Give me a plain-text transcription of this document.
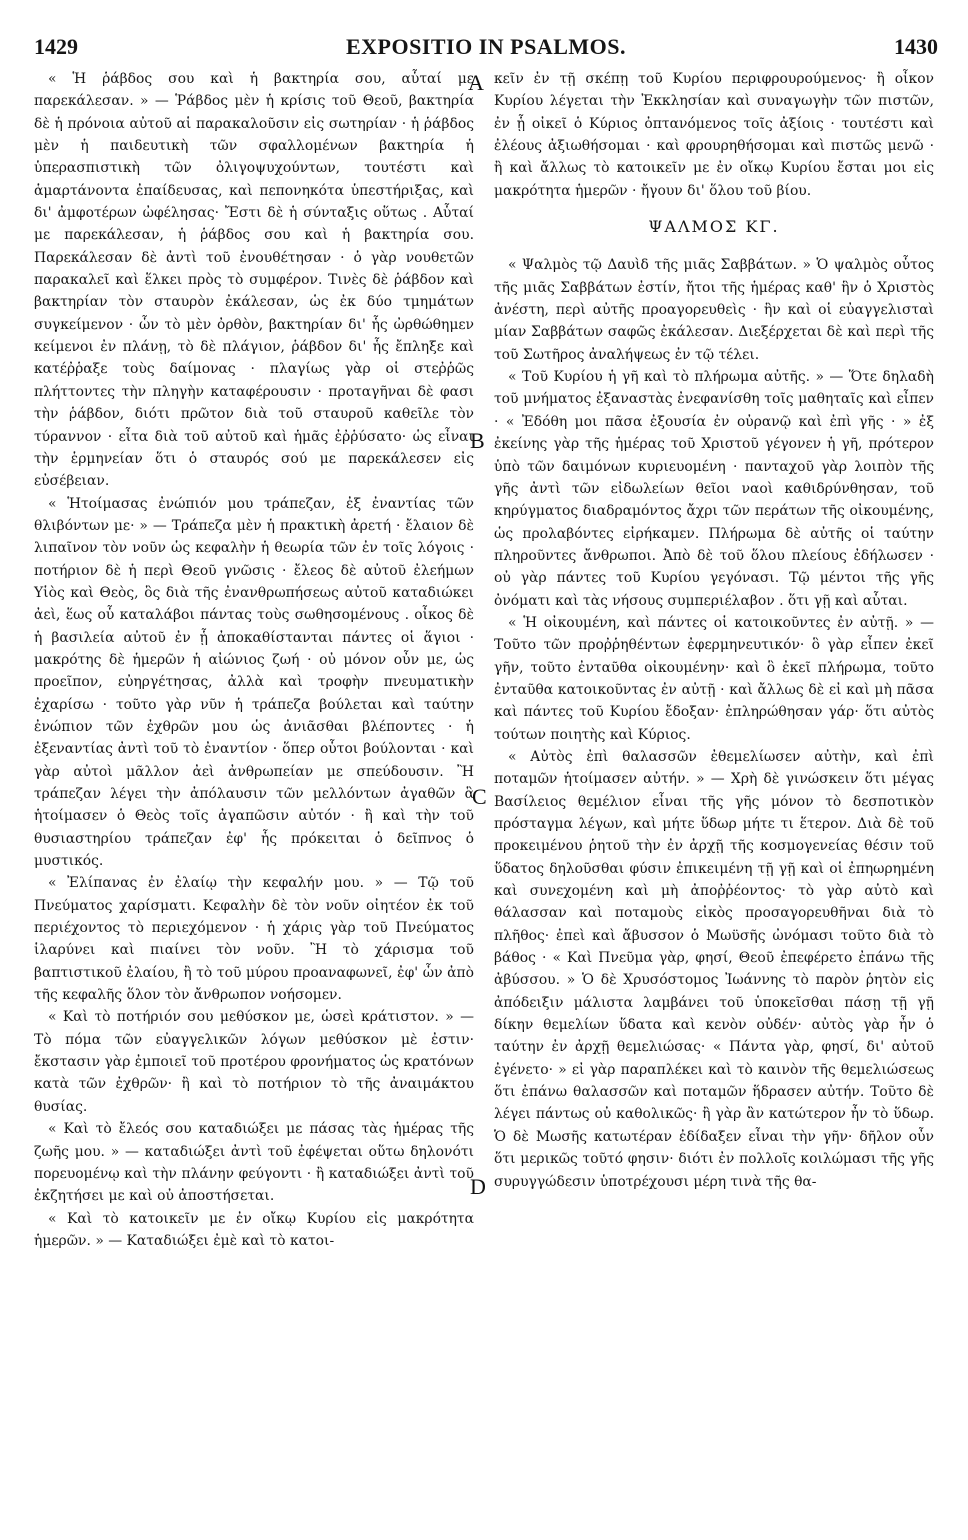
1429	EXPOSITIO IN PSALMOS.	1430

« Ἡ ῥάβδος σου καὶ ἡ βακτηρία σου, αὗταί με παρεκάλεσαν. » — Ῥάβδος μὲν ἡ κρίσις τοῦ Θεοῦ, βακτηρία δὲ ἡ πρόνοια αὐτοῦ αἱ παρακαλοῦσιν εἰς σωτηρίαν · ἡ ῥάβδος μὲν ἡ παιδευτικὴ τῶν σφαλλομένων βακτηρία ἡ ὑπερασπιστικὴ τῶν ὀλιγοψυχούντων, τουτέστι καὶ ἁμαρτάνοντα ἐπαίδευσας, καὶ πεπονηκότα ὑπεστήριξας, καὶ δι' ἀμφοτέρων ὠφέλησας· Ἔστι δὲ ἡ σύνταξις οὕτως . Αὗταί με παρεκάλεσαν, ἡ ῥάβδος σου καὶ ἡ βακτηρία σου. Παρεκάλεσαν δὲ ἀντὶ τοῦ ἐνουθέτησαν · ὁ γὰρ νουθετῶν παρακαλεῖ καὶ ἕλκει πρὸς τὸ συμφέρον. Τινὲς δὲ ῥάβδον καὶ βακτηρίαν τὸν σταυρὸν ἐκάλεσαν, ὡς ἐκ δύο τμημάτων συγκείμενον · ὧν τὸ μὲν ὀρθὸν, βακτηρίαν δι' ἧς ὠρθώθημεν κείμενοι ἐν πλάνῃ, τὸ δὲ πλάγιον, ῥάβδον δι' ἧς ἔπληξε καὶ κατέῤῥαξε τοὺς δαίμονας · πλαγίως γὰρ οἱ στεῤῥῶς πλήττοντες τὴν πληγὴν καταφέρουσιν · προταγῆναι δὲ φασι τὴν ῥάβδον, διότι πρῶτον διὰ τοῦ σταυροῦ καθεῖλε τὸν τύραννον · εἶτα διὰ τοῦ αὐτοῦ καὶ ἡμᾶς ἐῤῥύσατο· ὡς εἶναι τὴν ἑρμηνείαν ὅτι ὁ σταυρός σού με παρεκάλεσεν εἰς εὐσέβειαν.

« Ἡτοίμασας ἐνώπιόν μου τράπεζαν, ἐξ ἐναντίας τῶν θλιβόντων με· » — Τράπεζα μὲν ἡ πρακτικὴ ἀρετή · ἔλαιον δὲ λιπαῖνον τὸν νοῦν ὡς κεφαλὴν ἡ θεωρία τῶν ἐν τοῖς λόγοις · ποτήριον δὲ ἡ περὶ Θεοῦ γνῶσις · ἔλεος δὲ αὐτοῦ ἐλεήμων Υἱὸς καὶ Θεὸς, ὃς διὰ τῆς ἐνανθρωπήσεως αὐτοῦ καταδιώκει ἀεὶ, ἕως οὗ καταλάβοι πάντας τοὺς σωθησομένους . οἶκος δὲ ἡ βασιλεία αὐτοῦ ἐν ᾗ ἀποκαθίστανται πάντες οἱ ἅγιοι · μακρότης δὲ ἡμερῶν ἡ αἰώνιος ζωή · οὐ μόνον οὖν με, ὡς προεῖπον, εὐηργέτησας, ἀλλὰ καὶ τροφὴν πνευματικὴν ἐχαρίσω · τοῦτο γὰρ νῦν ἡ τράπεζα βούλεται καὶ ταύτην ἐνώπιον τῶν ἐχθρῶν μου ὡς ἀνιᾶσθαι βλέποντες · ἡ ἐξεναντίας ἀντὶ τοῦ τὸ ἐναντίον · ὅπερ οὗτοι βούλονται · καὶ γὰρ αὐτοὶ μᾶλλον ἀεὶ ἀνθρωπείαν με σπεύδουσιν. Ἢ τράπεζαν λέγει τὴν ἀπόλαυσιν τῶν μελλόντων ἀγαθῶν ἃ ἡτοίμασεν ὁ Θεὸς τοῖς ἀγαπῶσιν αὐτόν · ἢ καὶ τὴν τοῦ θυσιαστηρίου τράπεζαν ἐφ' ἧς πρόκειται ὁ δεῖπνος ὁ μυστικός.

« Ἐλίπανας ἐν ἐλαίῳ τὴν κεφαλήν μου. » — Τῷ τοῦ Πνεύματος χαρίσματι. Κεφαλὴν δὲ τὸν νοῦν οἰητέον ἐκ τοῦ περιέχοντος τὸ περιεχόμενον · ἡ χάρις γὰρ τοῦ Πνεύματος ἱλαρύνει καὶ πιαίνει τὸν νοῦν. Ἢ τὸ χάρισμα τοῦ βαπτιστικοῦ ἐλαίου, ἢ τὸ τοῦ μύρου προαναφωνεῖ, ἐφ' ὧν ἀπὸ τῆς κεφαλῆς ὅλον τὸν ἄνθρωπον νοήσομεν.

« Καὶ τὸ ποτήριόν σου μεθύσκον με, ὡσεὶ κράτιστον. » — Τὸ πόμα τῶν εὐαγγελικῶν λόγων μεθύσκον μὲ ἐστιν· ἔκστασιν γὰρ ἐμποιεῖ τοῦ προτέρου φρονήματος ὡς κρατόνων κατὰ τῶν ἐχθρῶν· ἢ καὶ τὸ ποτήριον τὸ τῆς ἀναιμάκτου θυσίας.

« Καὶ τὸ ἔλεός σου καταδιώξει με πάσας τὰς ἡμέρας τῆς ζωῆς μου. » — καταδιώξει ἀντὶ τοῦ ἐφέψεται οὕτω δηλονότι πορευομένῳ καὶ τὴν πλάνην φεύγοντι · ἢ καταδιώξει ἀντὶ τοῦ ἐκζητήσει με καὶ οὐ ἀποστήσεται.

« Καὶ τὸ κατοικεῖν με ἐν οἴκῳ Κυρίου εἰς μακρότητα ἡμερῶν. » — Καταδιώξει ἐμὲ καὶ τὸ κατοι-

κεῖν ἐν τῇ σκέπῃ τοῦ Κυρίου περιφρουρούμενος· ἢ οἶκον Κυρίου λέγεται τὴν Ἐκκλησίαν καὶ συναγωγὴν τῶν πιστῶν, ἐν ᾗ οἰκεῖ ὁ Κύριος ὀπτανόμενος τοῖς ἀξίοις · τουτέστι καὶ ἐλέους ἀξιωθήσομαι · καὶ φρουρηθήσομαι καὶ πιστῶς μενῶ · ἢ καὶ ἄλλως τὸ κατοικεῖν με ἐν οἴκῳ Κυρίου ἔσται μοι εἰς μακρότητα ἡμερῶν · ἤγουν δι' ὅλου τοῦ βίου.

ΨΑΛΜΟΣ ΚΓ.

« Ψαλμὸς τῷ Δαυὶδ τῆς μιᾶς Σαββάτων. » Ὁ ψαλμὸς οὗτος τῆς μιᾶς Σαββάτων ἐστίν, ἤτοι τῆς ἡμέρας καθ' ἣν ὁ Χριστὸς ἀνέστη, περὶ αὐτῆς προαγορευθεὶς · ἣν καὶ οἱ εὐαγγελισταὶ μίαν Σαββάτων σαφῶς ἐκάλεσαν. Διεξέρχεται δὲ καὶ περὶ τῆς τοῦ Σωτῆρος ἀναλήψεως ἐν τῷ τέλει.

« Τοῦ Κυρίου ἡ γῆ καὶ τὸ πλήρωμα αὐτῆς. » — Ὅτε δηλαδὴ τοῦ μνήματος ἐξαναστὰς ἐνεφανίσθη τοῖς μαθηταῖς καὶ εἶπεν · « Ἐδόθη μοι πᾶσα ἐξουσία ἐν οὐρανῷ καὶ ἐπὶ γῆς · » ἐξ ἐκείνης γὰρ τῆς ἡμέρας τοῦ Χριστοῦ γέγονεν ἡ γῆ, πρότερον ὑπὸ τῶν δαιμόνων κυριευομένη · πανταχοῦ γὰρ λοιπὸν τῆς γῆς ἀντὶ τῶν εἰδωλείων θεῖοι ναοὶ καθιδρύνθησαν, τοῦ κηρύγματος διαδραμόντος ἄχρι τῶν περάτων τῆς οἰκουμένης, ὡς προλαβόντες εἰρήκαμεν. Πλήρωμα δὲ αὐτῆς οἱ ταύτην πληροῦντες ἄνθρωποι. Ἀπὸ δὲ τοῦ ὅλου πλείους ἐδήλωσεν · οὐ γὰρ πάντες τοῦ Κυρίου γεγόνασι. Τῷ μέντοι τῆς γῆς ὀνόματι καὶ τὰς νήσους συμπεριέλαβον . ὅτι γῇ καὶ αὗται.

« Ἡ οἰκουμένη, καὶ πάντες οἱ κατοικοῦντες ἐν αὐτῇ. » — Τοῦτο τῶν προῤῥηθέντων ἐφερμηνευτικόν· ὃ γὰρ εἶπεν ἐκεῖ γῆν, τοῦτο ἐνταῦθα οἰκουμένην· καὶ ὃ ἐκεῖ πλήρωμα, τοῦτο ἐνταῦθα κατοικοῦντας ἐν αὐτῇ · καὶ ἄλλως δὲ εἰ καὶ μὴ πᾶσα καὶ πάντες τοῦ Κυρίου ἔδοξαν· ἐπληρώθησαν γάρ· ὅτι αὐτὸς τούτων ποιητὴς καὶ Κύριος.

« Αὐτὸς ἐπὶ θαλασσῶν ἐθεμελίωσεν αὐτὴν, καὶ ἐπὶ ποταμῶν ἡτοίμασεν αὐτήν. » — Χρὴ δὲ γινώσκειν ὅτι μέγας Βασίλειος θεμέλιον εἶναι τῆς γῆς μόνον τὸ δεσποτικὸν πρόσταγμα λέγων, καὶ μήτε ὕδωρ μήτε τι ἕτερον. Διὰ δὲ τοῦ προκειμένου ῥητοῦ τὴν ἐν ἀρχῇ τῆς κοσμογενείας θέσιν τοῦ ὕδατος δηλοῦσθαι φύσιν ἐπικειμένη τῇ γῇ καὶ οἱ ἐπηωρημένη καὶ συνεχομένη καὶ μὴ ἀποῤῥέοντος· τὸ γὰρ αὐτὸ καὶ θάλασσαν καὶ ποταμοὺς εἰκὸς προσαγορευθῆναι διὰ τὸ πλῆθος· ἐπεὶ καὶ ἄβυσσον ὁ Μωϋσῆς ὠνόμασι τοῦτο διὰ τὸ βάθος · « Καὶ Πνεῦμα γὰρ, φησί, Θεοῦ ἐπεφέρετο ἐπάνω τῆς ἀβύσσου. » Ὁ δὲ Χρυσόστομος Ἰωάννης τὸ παρὸν ῥητὸν εἰς ἀπόδειξιν μάλιστα λαμβάνει τοῦ ὑποκεῖσθαι πάσῃ τῇ γῇ δίκην θεμελίων ὕδατα καὶ κενὸν οὐδέν· αὐτὸς γὰρ ἦν ὁ ταύτην ἐν ἀρχῇ θεμελιώσας· « Πάντα γὰρ, φησί, δι' αὐτοῦ ἐγένετο· » εἰ γὰρ παραπλέκει καὶ τὸ καινὸν τῆς θεμελιώσεως ὅτι ἐπάνω θαλασσῶν καὶ ποταμῶν ἥδρασεν αὐτήν. Τοῦτο δὲ λέγει πάντως οὐ καθολικῶς· ἢ γὰρ ἂν κατώτερον ἦν τὸ ὕδωρ. Ὁ δὲ Μωσῆς κατωτέραν ἐδίδαξεν εἶναι τὴν γῆν· δῆλον οὖν ὅτι μερικῶς τοῦτό φησιν· διότι ἐν πολλοῖς κοιλώμασι τῆς γῆς συρυγγώδεσιν ὑποτρέχουσι μέρη τινὰ τῆς θα-

A
B
C
D
